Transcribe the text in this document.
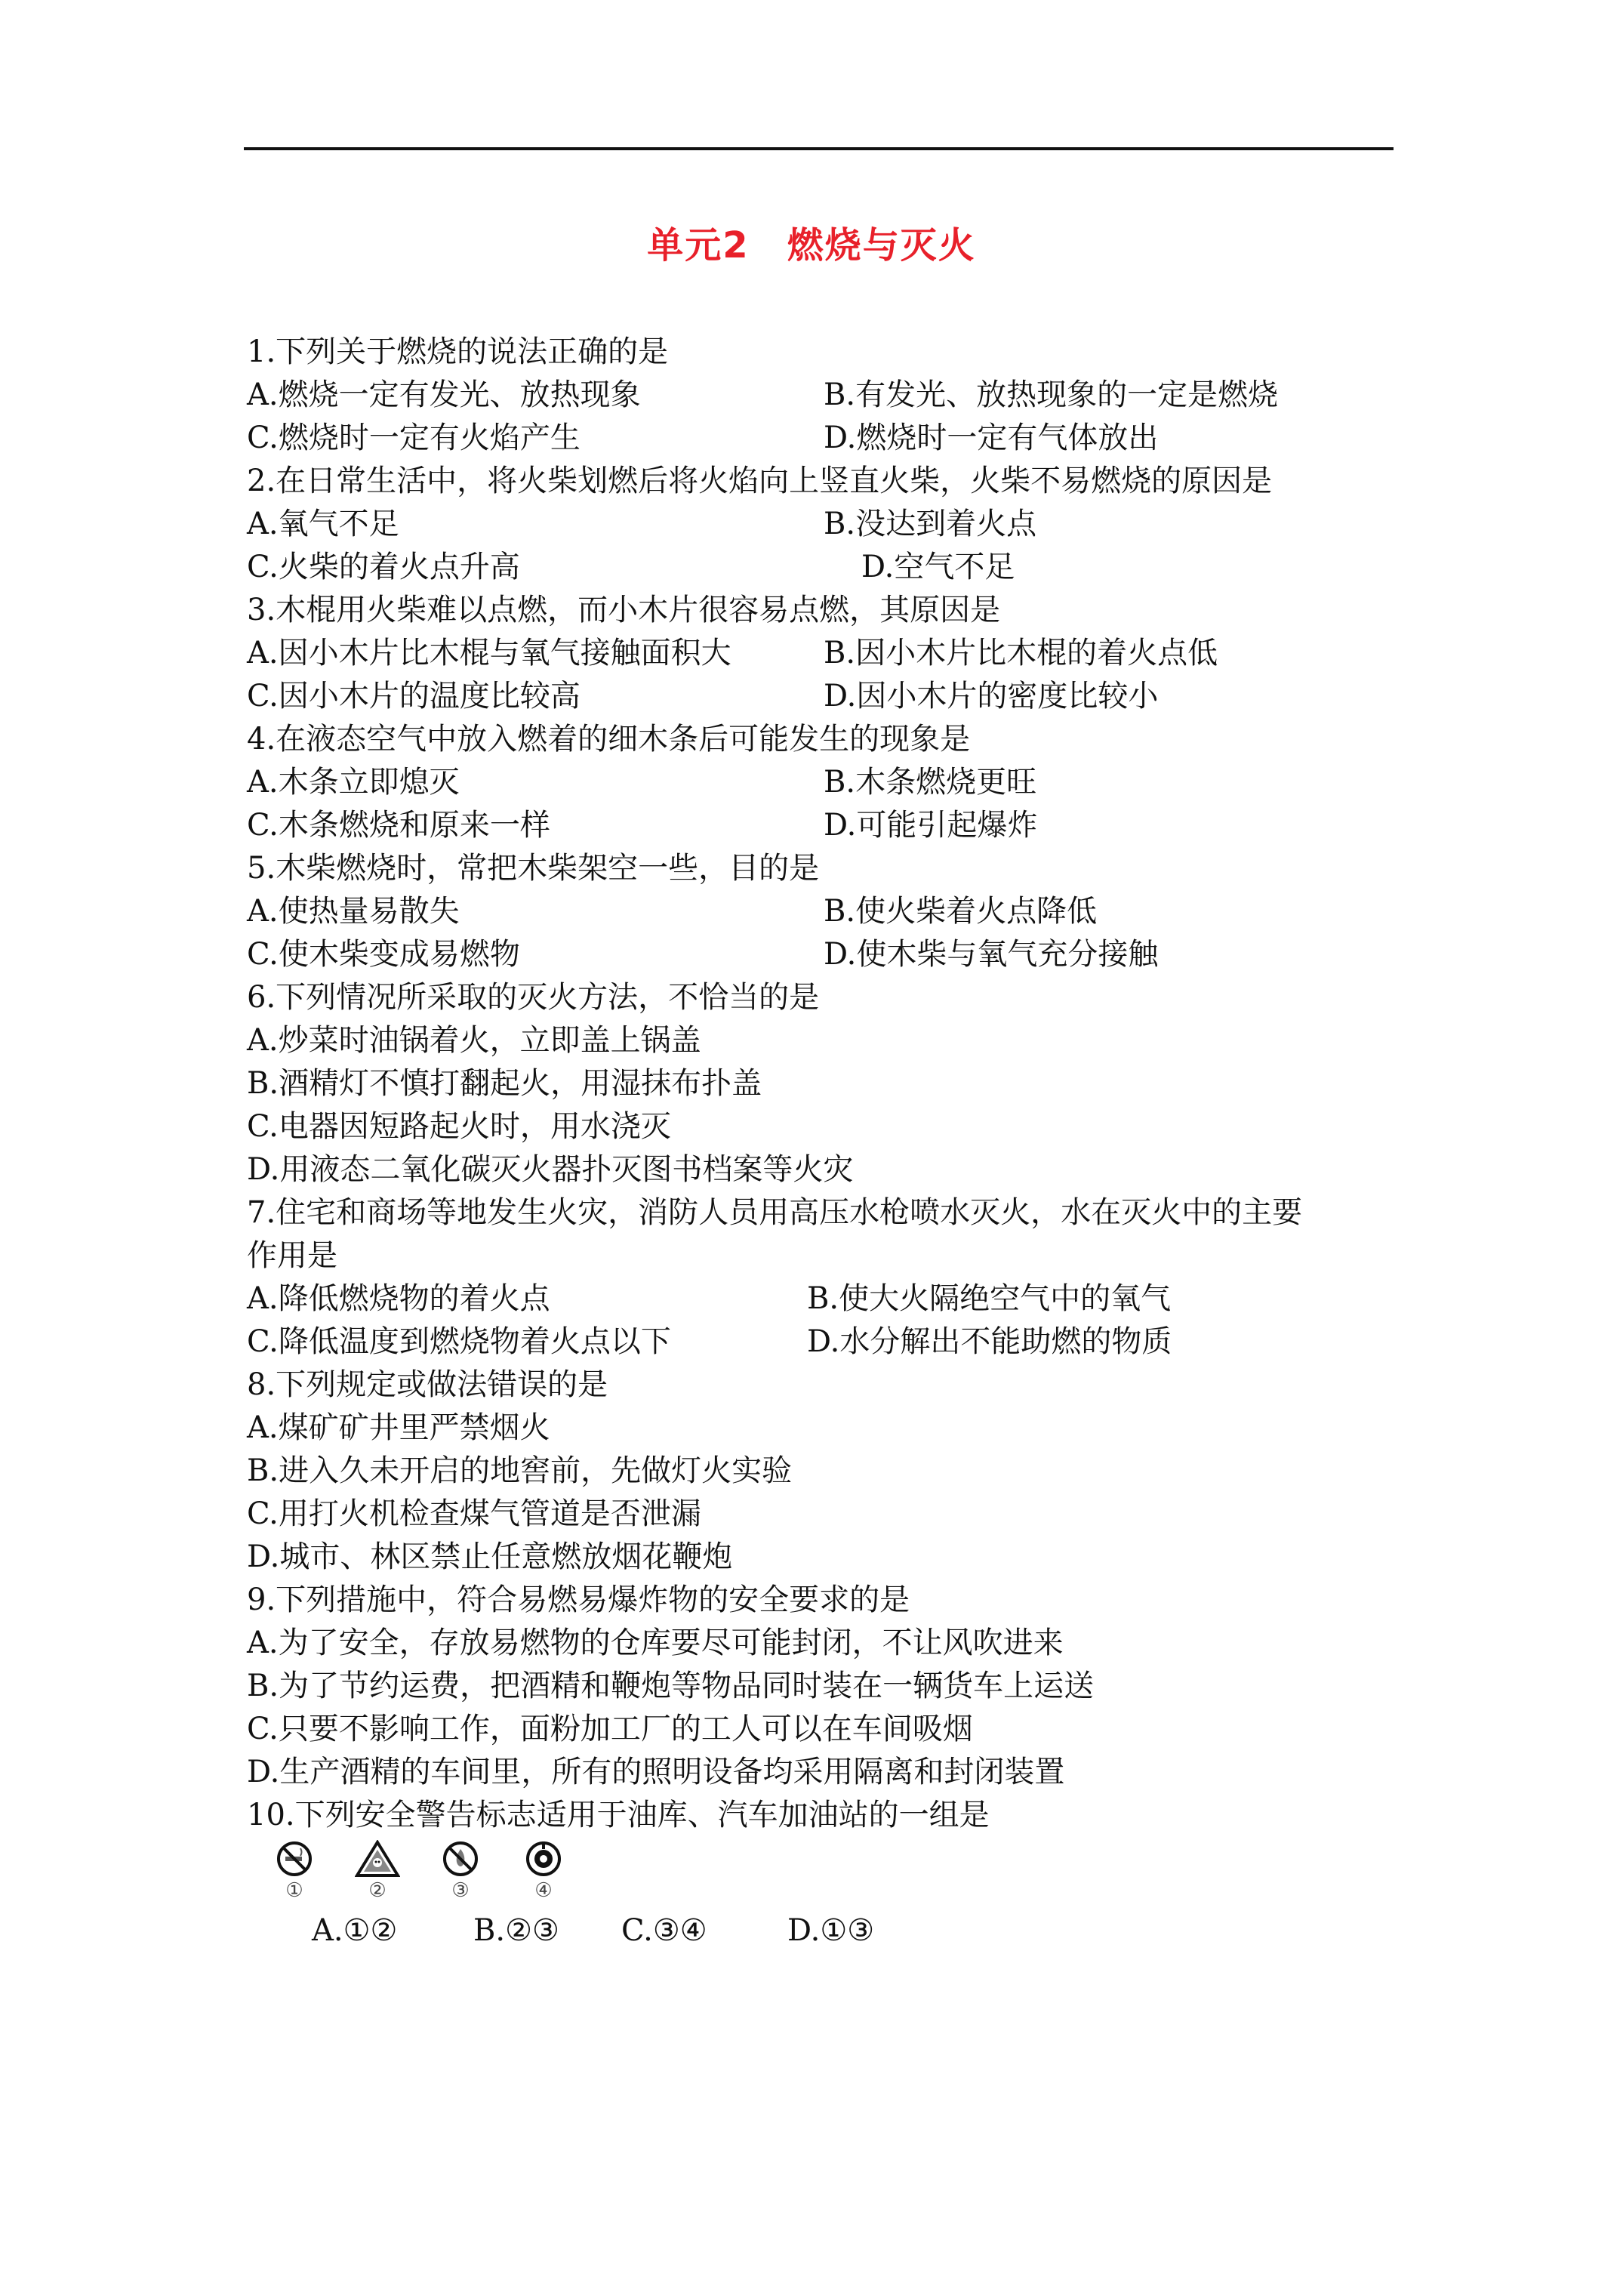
单元2　燃烧与灭火
1.下列关于燃烧的说法正确的是
A.燃烧一定有发光、放热现象	B.有发光、放热现象的一定是燃烧
C.燃烧时一定有火焰产生	D.燃烧时一定有气体放出
2.在日常生活中，将火柴划燃后将火焰向上竖直火柴，火柴不易燃烧的原因是
A.氧气不足	B.没达到着火点
C.火柴的着火点升高	D.空气不足
3.木棍用火柴难以点燃，而小木片很容易点燃，其原因是
A.因小木片比木棍与氧气接触面积大	B.因小木片比木棍的着火点低
C.因小木片的温度比较高	D.因小木片的密度比较小
4.在液态空气中放入燃着的细木条后可能发生的现象是
A.木条立即熄灭	B.木条燃烧更旺
C.木条燃烧和原来一样	D.可能引起爆炸
5.木柴燃烧时，常把木柴架空一些，目的是
A.使热量易散失	B.使火柴着火点降低
C.使木柴变成易燃物	D.使木柴与氧气充分接触
6.下列情况所采取的灭火方法，不恰当的是
A.炒菜时油锅着火，立即盖上锅盖
B.酒精灯不慎打翻起火，用湿抹布扑盖
C.电器因短路起火时，用水浇灭
D.用液态二氧化碳灭火器扑灭图书档案等火灾
7.住宅和商场等地发生火灾，消防人员用高压水枪喷水灭火，水在灭火中的主要
作用是
A.降低燃烧物的着火点	B.使大火隔绝空气中的氧气
C.降低温度到燃烧物着火点以下	D.水分解出不能助燃的物质
8.下列规定或做法错误的是
A.煤矿矿井里严禁烟火
B.进入久未开启的地窖前，先做灯火实验
C.用打火机检查煤气管道是否泄漏
D.城市、林区禁止任意燃放烟花鞭炮
9.下列措施中，符合易燃易爆炸物的安全要求的是
A.为了安全，存放易燃物的仓库要尽可能封闭，不让风吹进来
B.为了节约运费，把酒精和鞭炮等物品同时装在一辆货车上运送
C.只要不影响工作，面粉加工厂的工人可以在车间吸烟
D.生产酒精的车间里，所有的照明设备均采用隔离和封闭装置
10.下列安全警告标志适用于油库、汽车加油站的一组是
①	②	③	④
A.①②	B.②③ C.③④	D.①③
